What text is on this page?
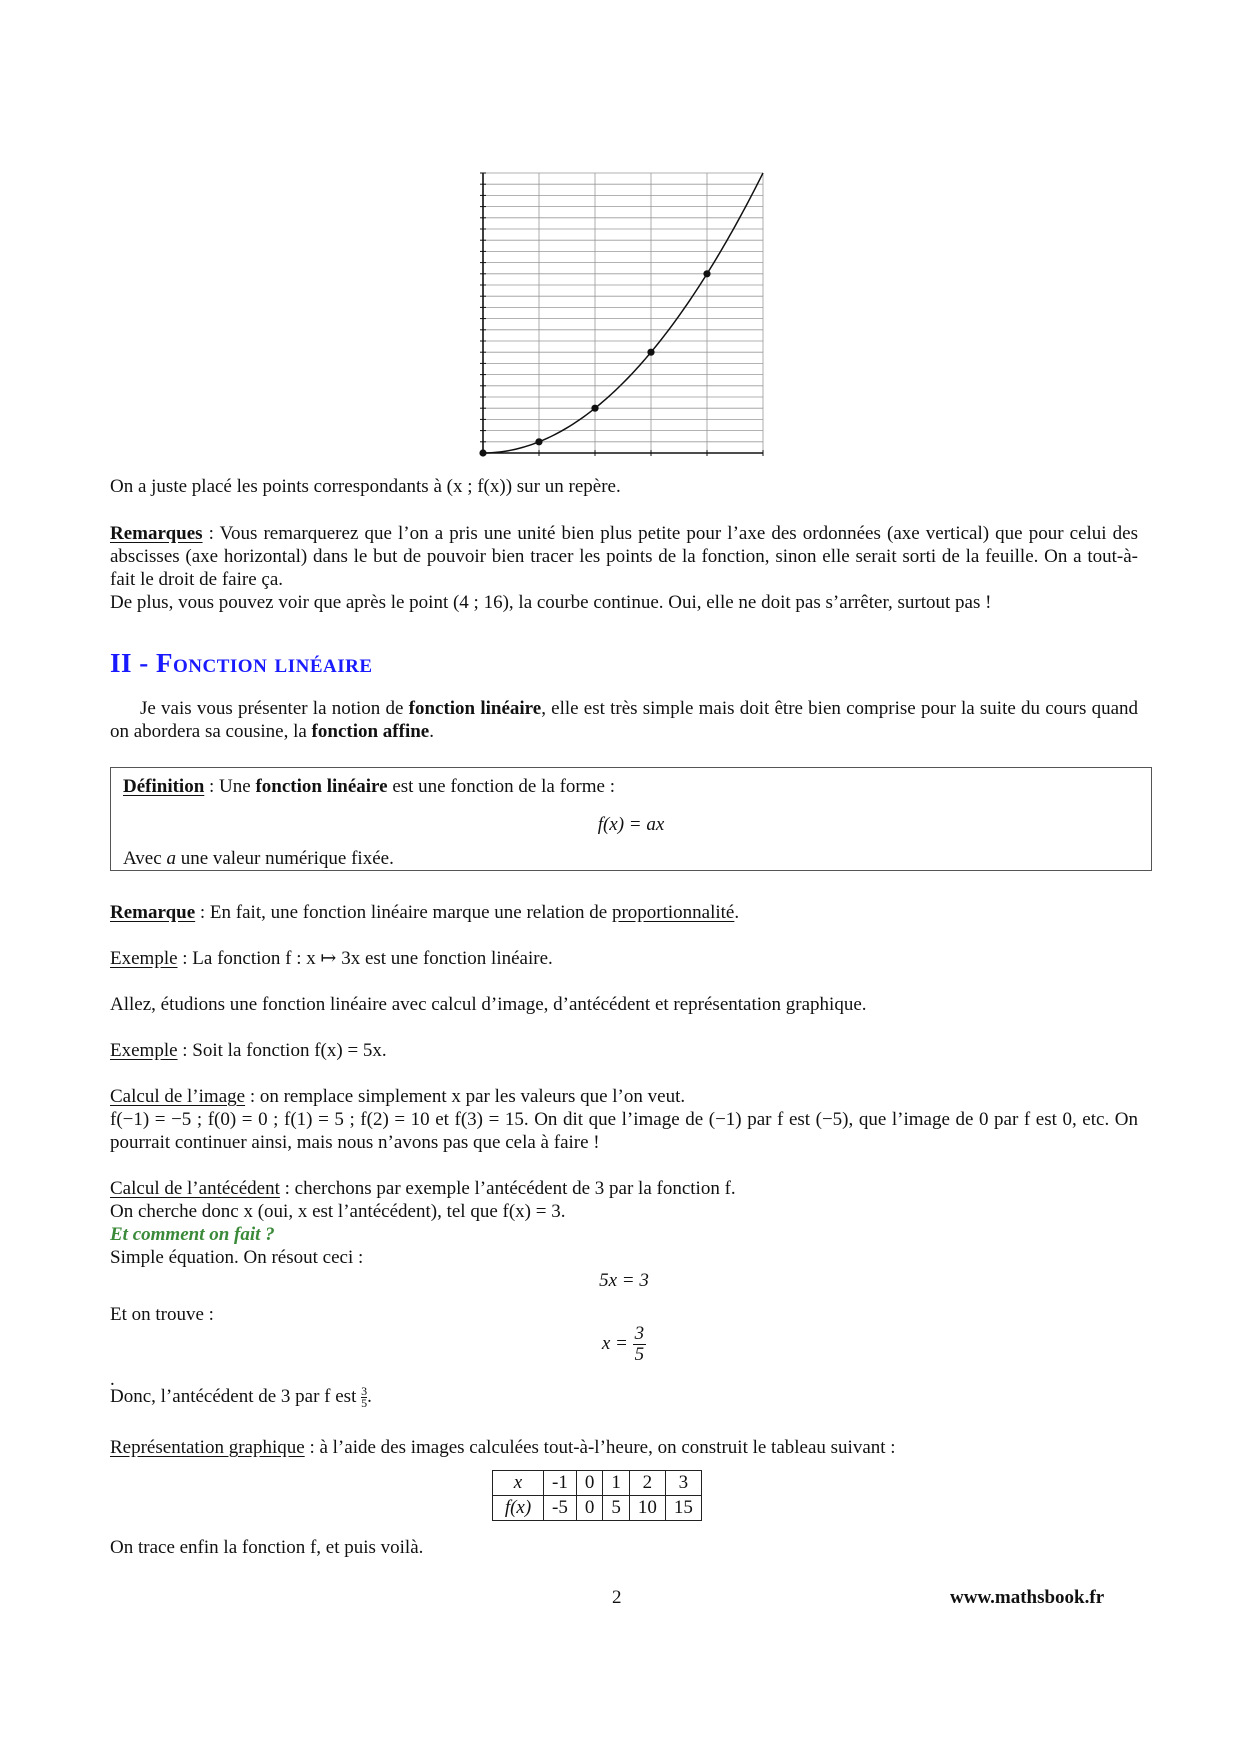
On a juste placé les points correspondants à (x ; f(x)) sur un repère.

Remarques : Vous remarquerez que l’on a pris une unité bien plus petite pour l’axe des ordonnées (axe vertical) que pour celui des abscisses (axe horizontal) dans le but de pouvoir bien tracer les points de la fonction, sinon elle serait sorti de la feuille. On a tout-à-fait le droit de faire ça.

De plus, vous pouvez voir que après le point (4 ; 16), la courbe continue. Oui, elle ne doit pas s’arrêter, surtout pas !

II - Fonction linéaire

Je vais vous présenter la notion de fonction linéaire, elle est très simple mais doit être bien comprise pour la suite du cours quand on abordera sa cousine, la fonction affine.

Définition : Une fonction linéaire est une fonction de la forme :

f(x) = ax

Avec a une valeur numérique fixée.

Remarque : En fait, une fonction linéaire marque une relation de proportionnalité.

Exemple : La fonction f : x ↦ 3x est une fonction linéaire.

Allez, étudions une fonction linéaire avec calcul d’image, d’antécédent et représentation graphique.

Exemple : Soit la fonction f(x) = 5x.

Calcul de l’image : on remplace simplement x par les valeurs que l’on veut.

f(−1) = −5 ; f(0) = 0 ; f(1) = 5 ; f(2) = 10 et f(3) = 15. On dit que l’image de (−1) par f est (−5), que l’image de 0 par f est 0, etc. On pourrait continuer ainsi, mais nous n’avons pas que cela à faire !

Calcul de l’antécédent : cherchons par exemple l’antécédent de 3 par la fonction f.

On cherche donc x (oui, x est l’antécédent), tel que f(x) = 3.

Et comment on fait ?

Simple équation. On résout ceci :

5x = 3

Et on trouve :

$x = \frac{3}{5}$

.

Donc, l’antécédent de 3 par f est $\frac{3}{5}$ .

Représentation graphique : à l’aide des images calculées tout-à-l’heure, on construit le tableau suivant :

x	-1	0	1	2	3
f(x)	-5	0	5	10	15

On trace enfin la fonction f, et puis voilà.

2	www.mathsbook.fr
